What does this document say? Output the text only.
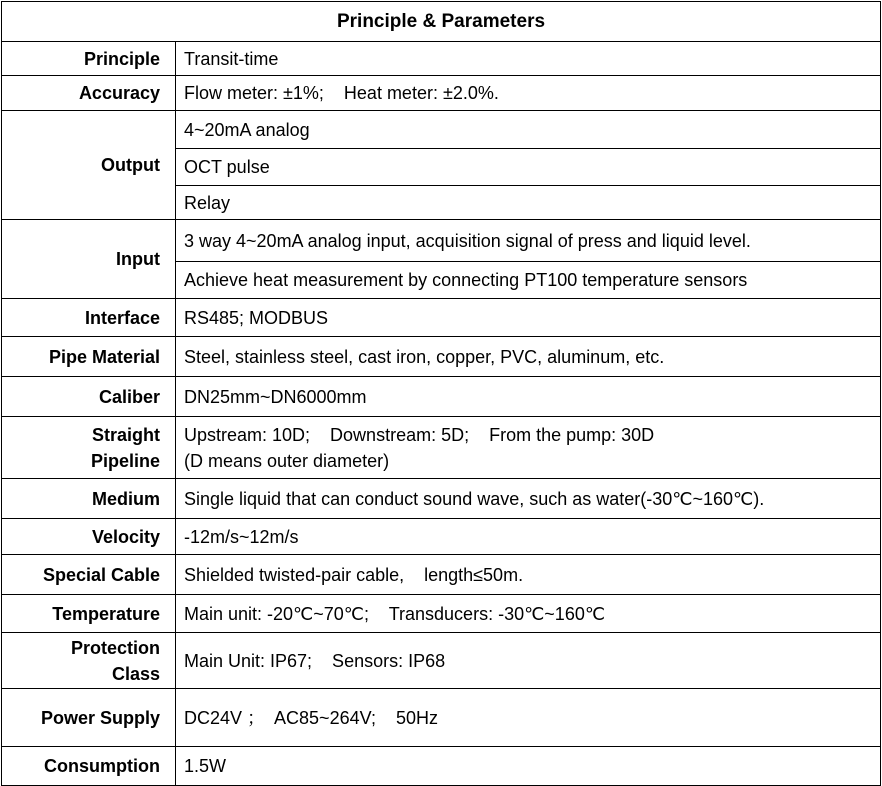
Principle & Parameters	
Principle	Transit-time
Accuracy	Flow meter: ±1%;    Heat meter: ±2.0%.
Output	4~20mA analog
	OCT pulse
	Relay
Input	3 way 4~20mA analog input, acquisition signal of press and liquid level.
	Achieve heat measurement by connecting PT100 temperature sensors
Interface	RS485; MODBUS
Pipe Material	Steel, stainless steel, cast iron, copper, PVC, aluminum, etc.
Caliber	DN25mm~DN6000mm

Straight
Pipeline	Upstream: 10D;    Downstream: 5D;    From the pump: 30D
(D means outer diameter)

Medium	Single liquid that can conduct sound wave, such as water(-30℃~160℃).
Velocity	-12m/s~12m/s
Special Cable	Shielded twisted-pair cable,    length≤50m.
Temperature	Main unit: -20℃~70℃;    Transducers: -30℃~160℃

Protection
Class	Main Unit: IP67;    Sensors: IP68
Power Supply	DC24V ；  AC85~264V;    50Hz
Consumption	1.5W
